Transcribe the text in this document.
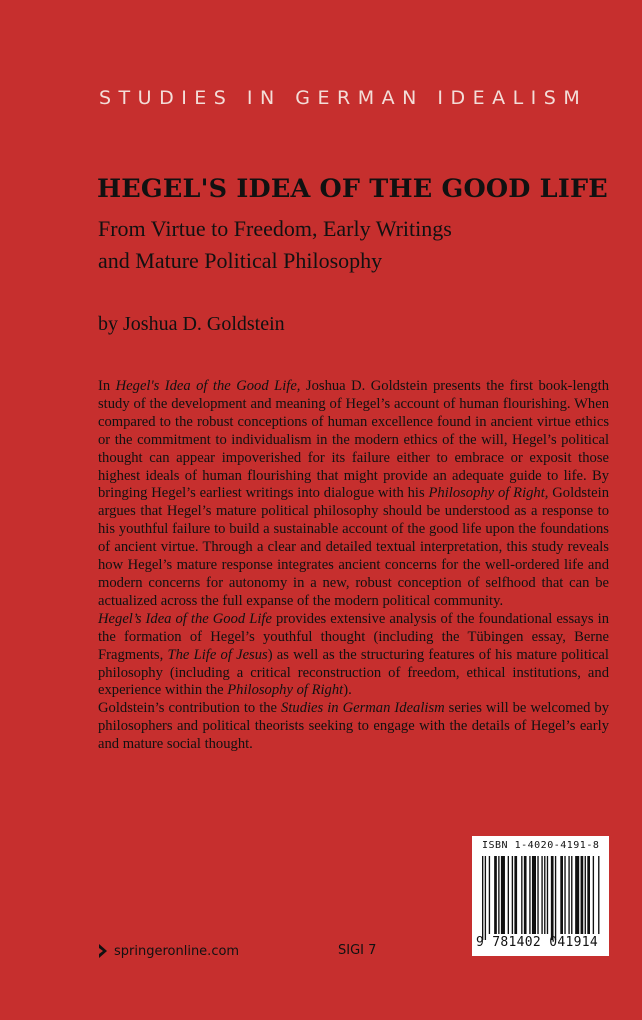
STUDIES IN GERMAN IDEALISM
HEGEL'S IDEA OF THE GOOD LIFE
From Virtue to Freedom, Early Writings
and Mature Political Philosophy
by Joshua D. Goldstein

In Hegel's Idea of the Good Life, Joshua D. Goldstein presents the first book-length study of the development and meaning of Hegel’s account of human flourishing. When compared to the robust conceptions of human excellence found in ancient virtue ethics or the commitment to individualism in the modern ethics of the will, Hegel’s political thought can appear impoverished for its failure either to embrace or exposit those highest ideals of human flourishing that might provide an adequate guide to life. By bringing Hegel’s earliest writings into dialogue with his Philosophy of Right, Goldstein argues that Hegel’s mature political philosophy should be understood as a response to his youthful failure to build a sustainable account of the good life upon the foundations of ancient virtue. Through a clear and detailed textual interpretation, this study reveals how Hegel’s mature response integrates ancient concerns for the well-ordered life and modern concerns for autonomy in a new, robust conception of selfhood that can be actualized across the full expanse of the modern political community.

Hegel’s Idea of the Good Life provides extensive analysis of the foundational essays in the formation of Hegel’s youthful thought (including the Tübingen essay, Berne Fragments, The Life of Jesus) as well as the structuring features of his mature political philosophy (including a critical reconstruction of freedom, ethical institutions, and experience within the Philosophy of Right).

Goldstein’s contribution to the Studies in German Idealism series will be welcomed by philosophers and political theorists seeking to engage with the details of Hegel’s early and mature social thought.

springeronline.com	SIGI 7
ISBN 1-4020-4191-8
9 781402 041914
